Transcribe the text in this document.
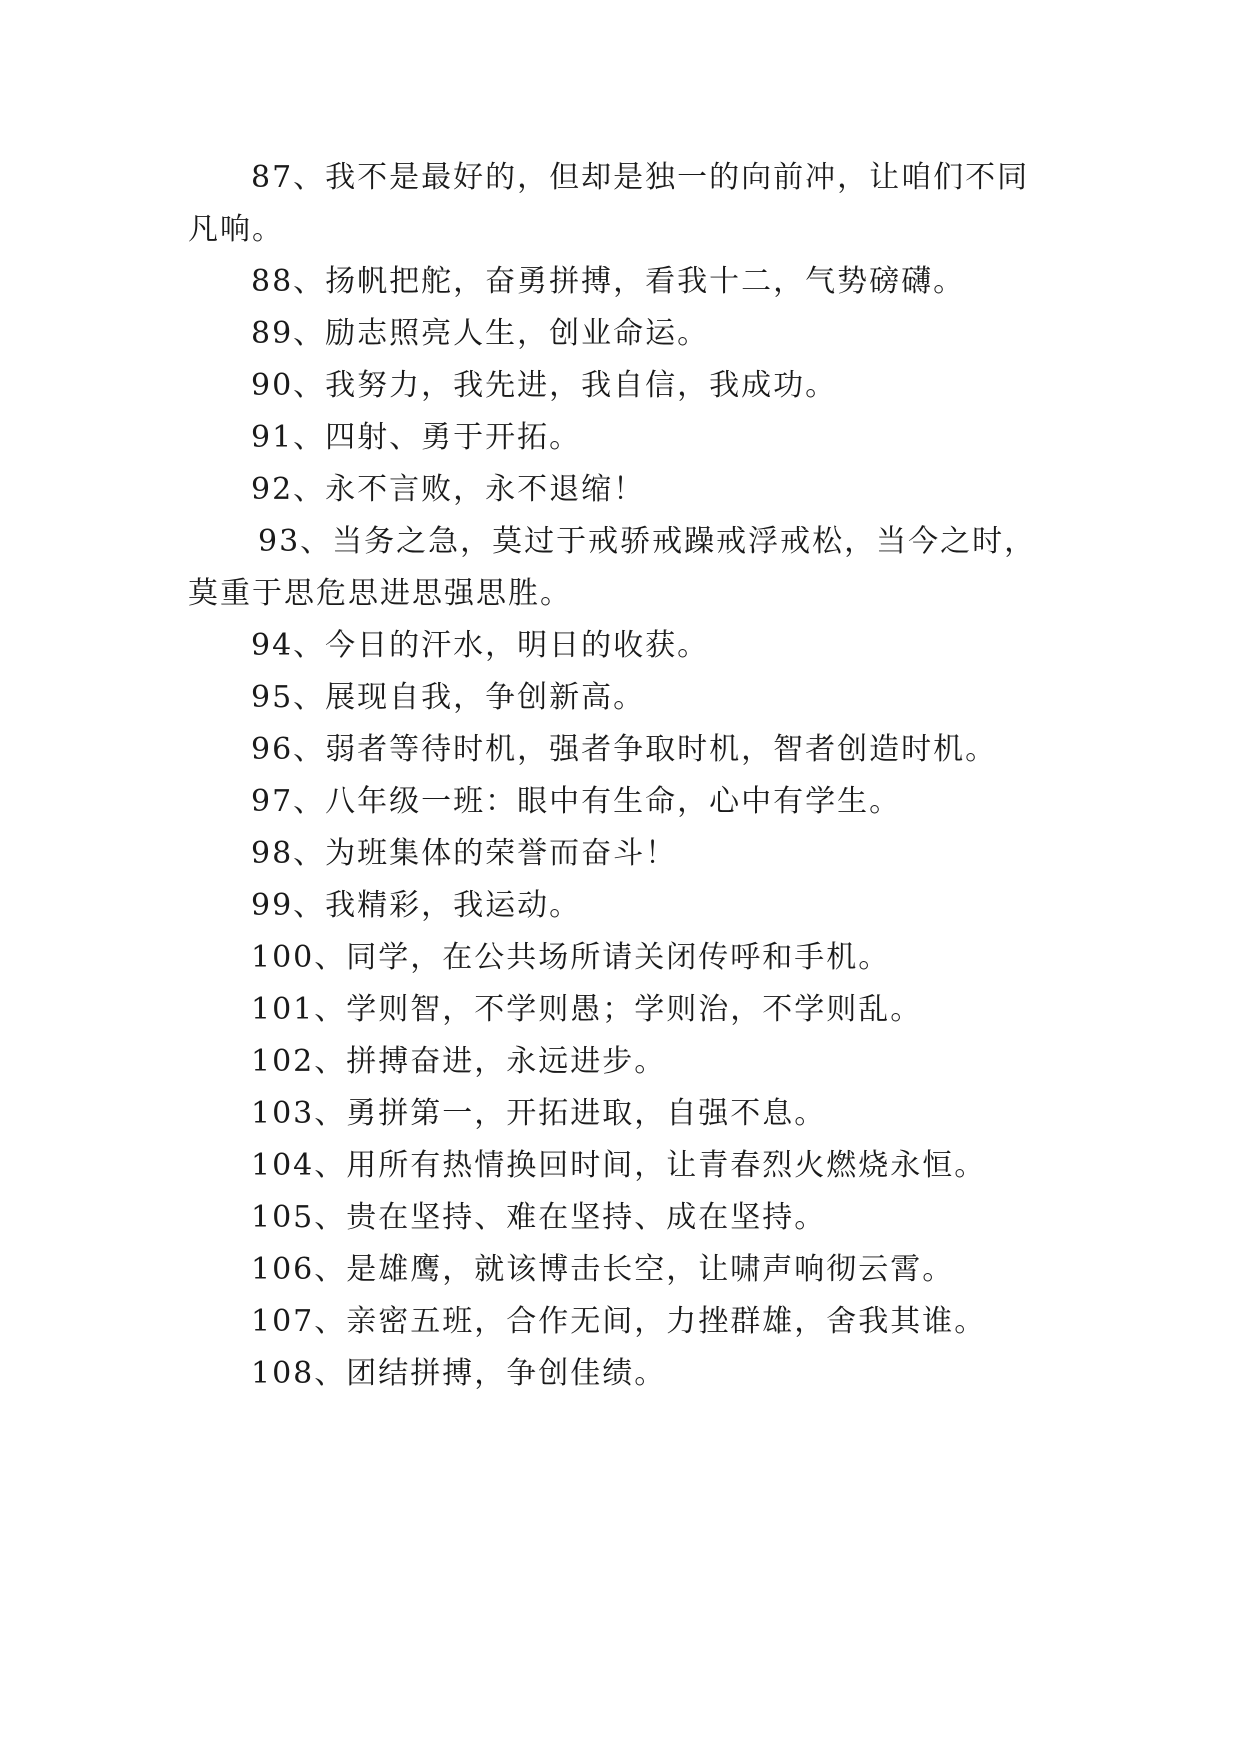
87、我不是最好的，但却是独一的向前冲，让咱们不同
凡响。
88、扬帆把舵，奋勇拼搏，看我十二，气势磅礴。
89、励志照亮人生，创业命运。
90、我努力，我先进，我自信，我成功。
91、四射、勇于开拓。
92、永不言败，永不退缩！
93、当务之急，莫过于戒骄戒躁戒浮戒松，当今之时，
莫重于思危思进思强思胜。
94、今日的汗水，明日的收获。
95、展现自我，争创新高。
96、弱者等待时机，强者争取时机，智者创造时机。
97、八年级一班：眼中有生命，心中有学生。
98、为班集体的荣誉而奋斗！
99、我精彩，我运动。
100、同学，在公共场所请关闭传呼和手机。
101、学则智，不学则愚；学则治，不学则乱。
102、拼搏奋进，永远进步。
103、勇拼第一，开拓进取，自强不息。
104、用所有热情换回时间，让青春烈火燃烧永恒。
105、贵在坚持、难在坚持、成在坚持。
106、是雄鹰，就该博击长空，让啸声响彻云霄。
107、亲密五班，合作无间，力挫群雄，舍我其谁。
108、团结拼搏，争创佳绩。
